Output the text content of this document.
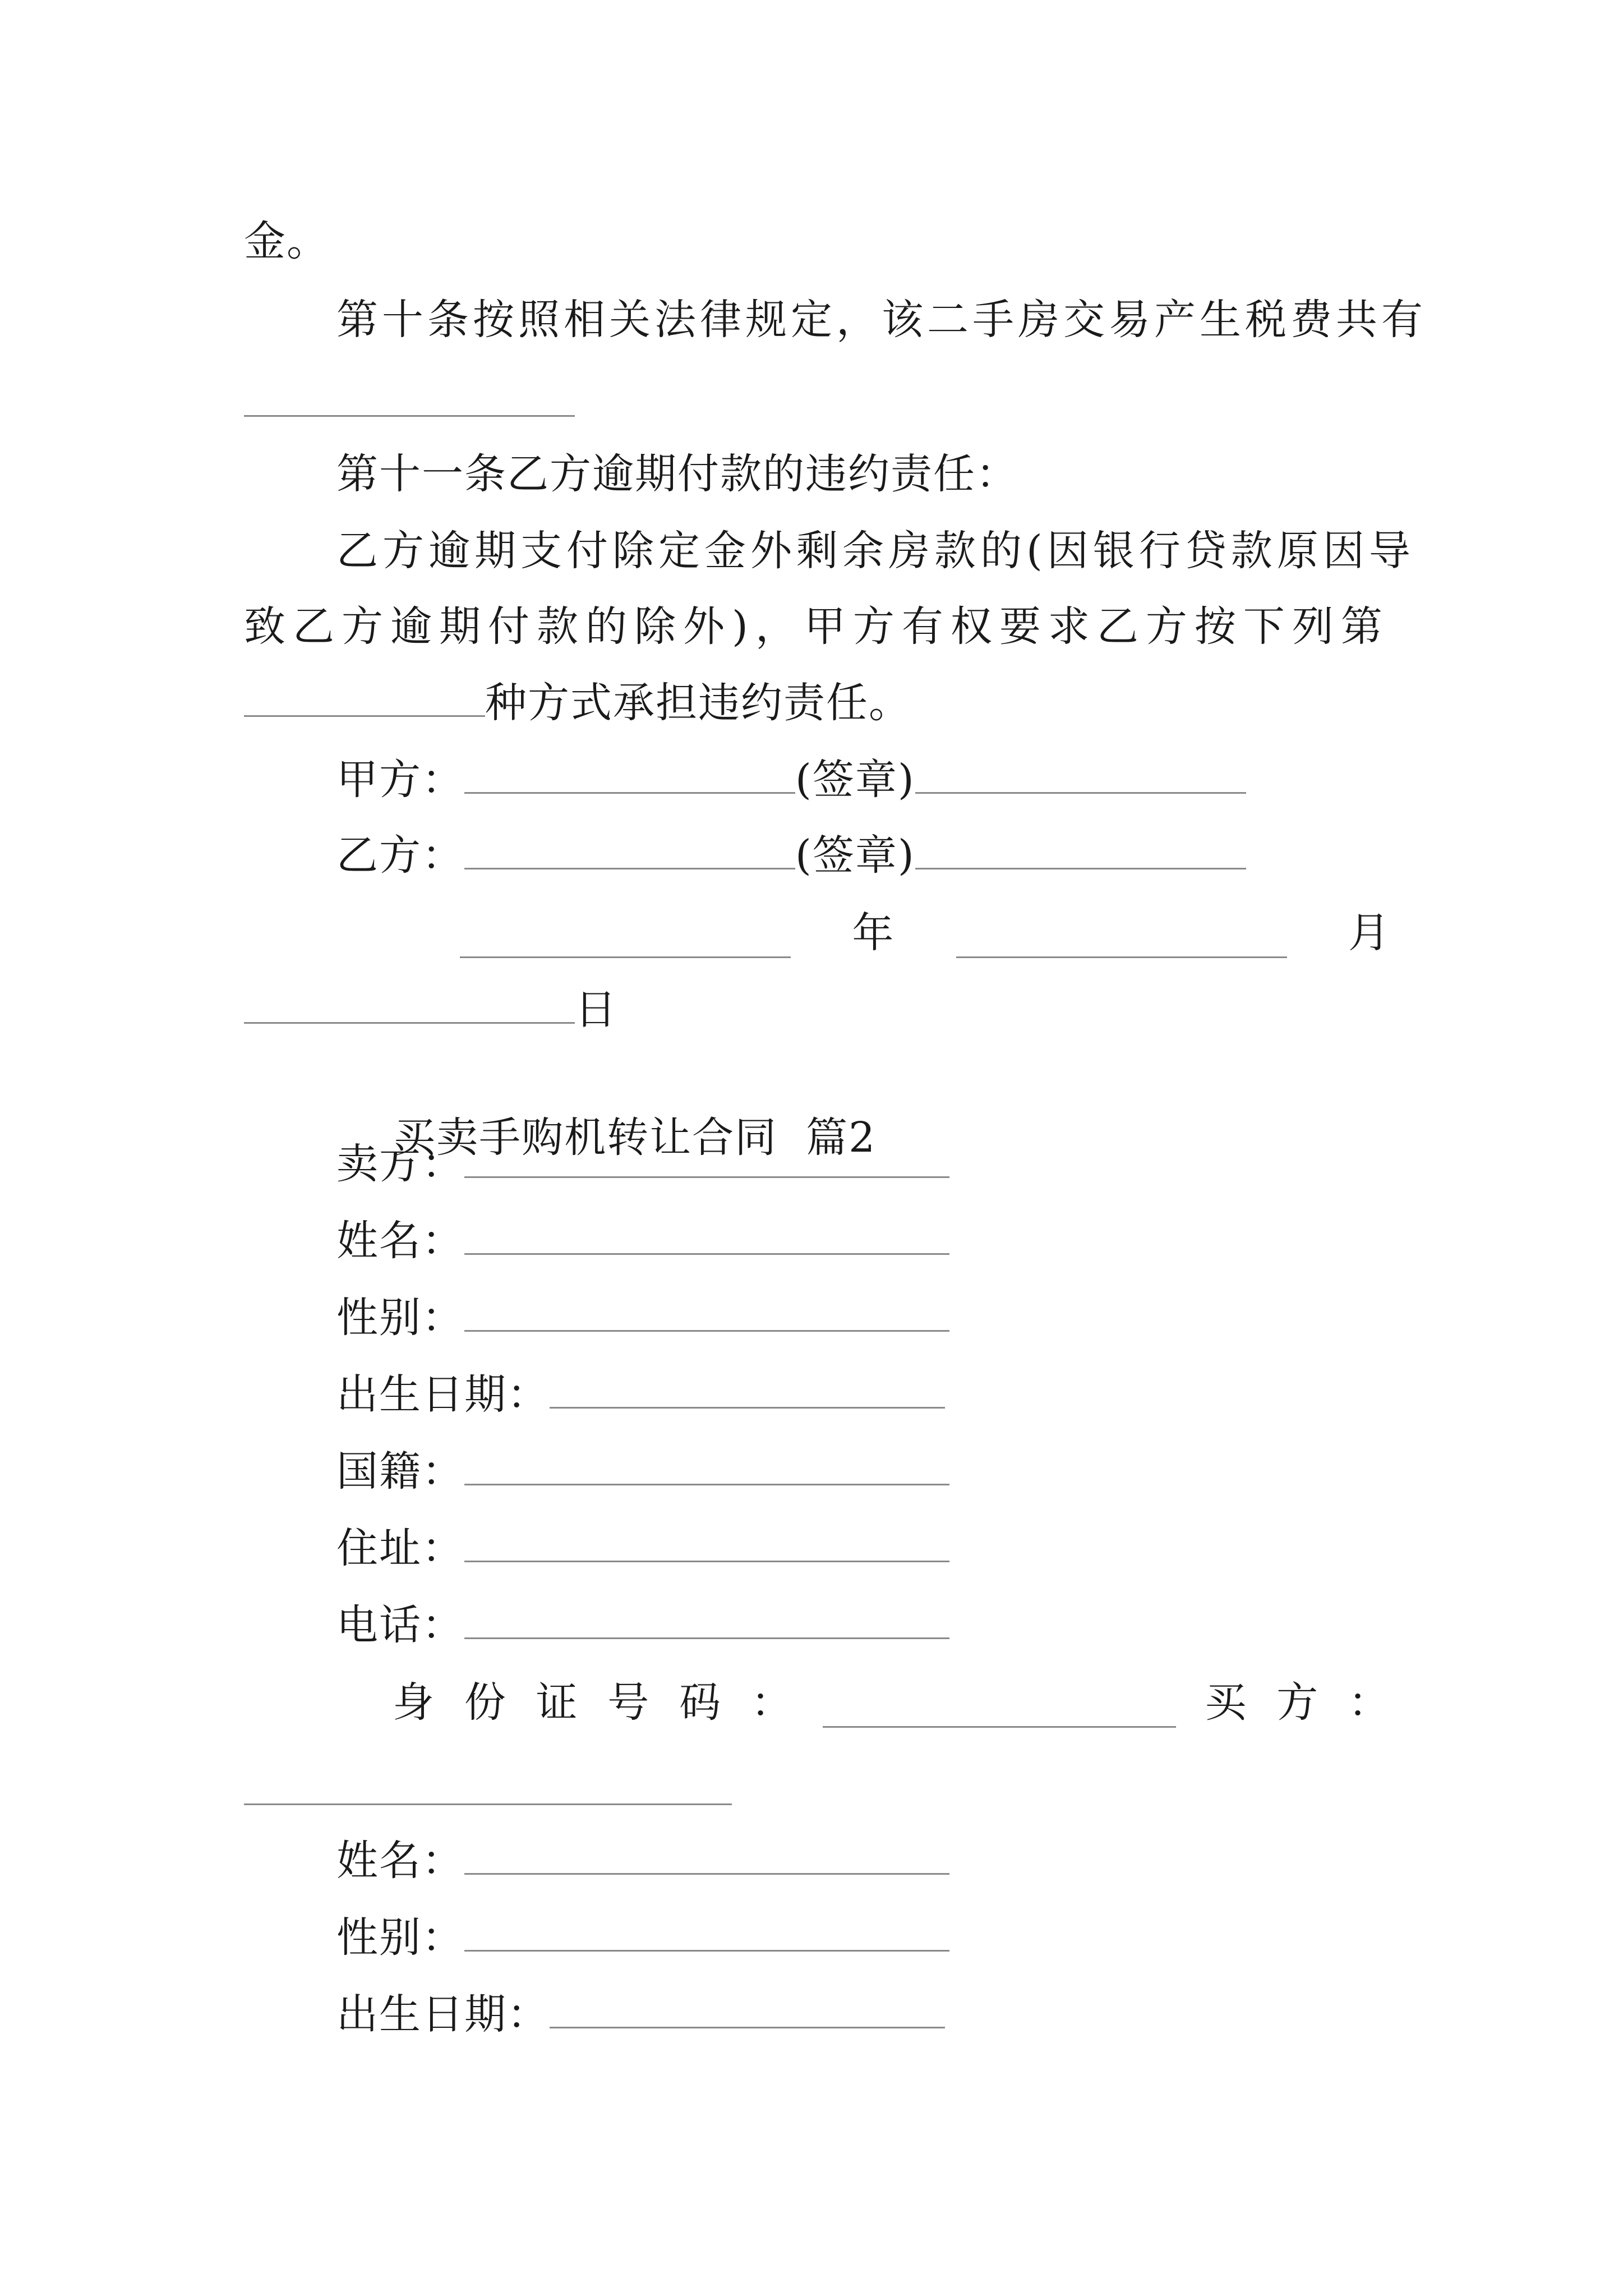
金。
第十条按照相关法律规定，该二手房交易产生税费共有
第十一条乙方逾期付款的违约责任：
乙方逾期支付除定金外剩余房款的(因银行贷款原因导
致乙方逾期付款的除外)，甲方有权要求乙方按下列第
种方式承担违约责任。
甲方：	(签章)
乙方：	(签章)
年	月
日

买卖手购机转让合同  篇2

卖方：
姓名：
性别：
出生日期：
国籍：
住址：
电话：
身 份 证 号 码 ：	买 方 ：
姓名：
性别：
出生日期：
